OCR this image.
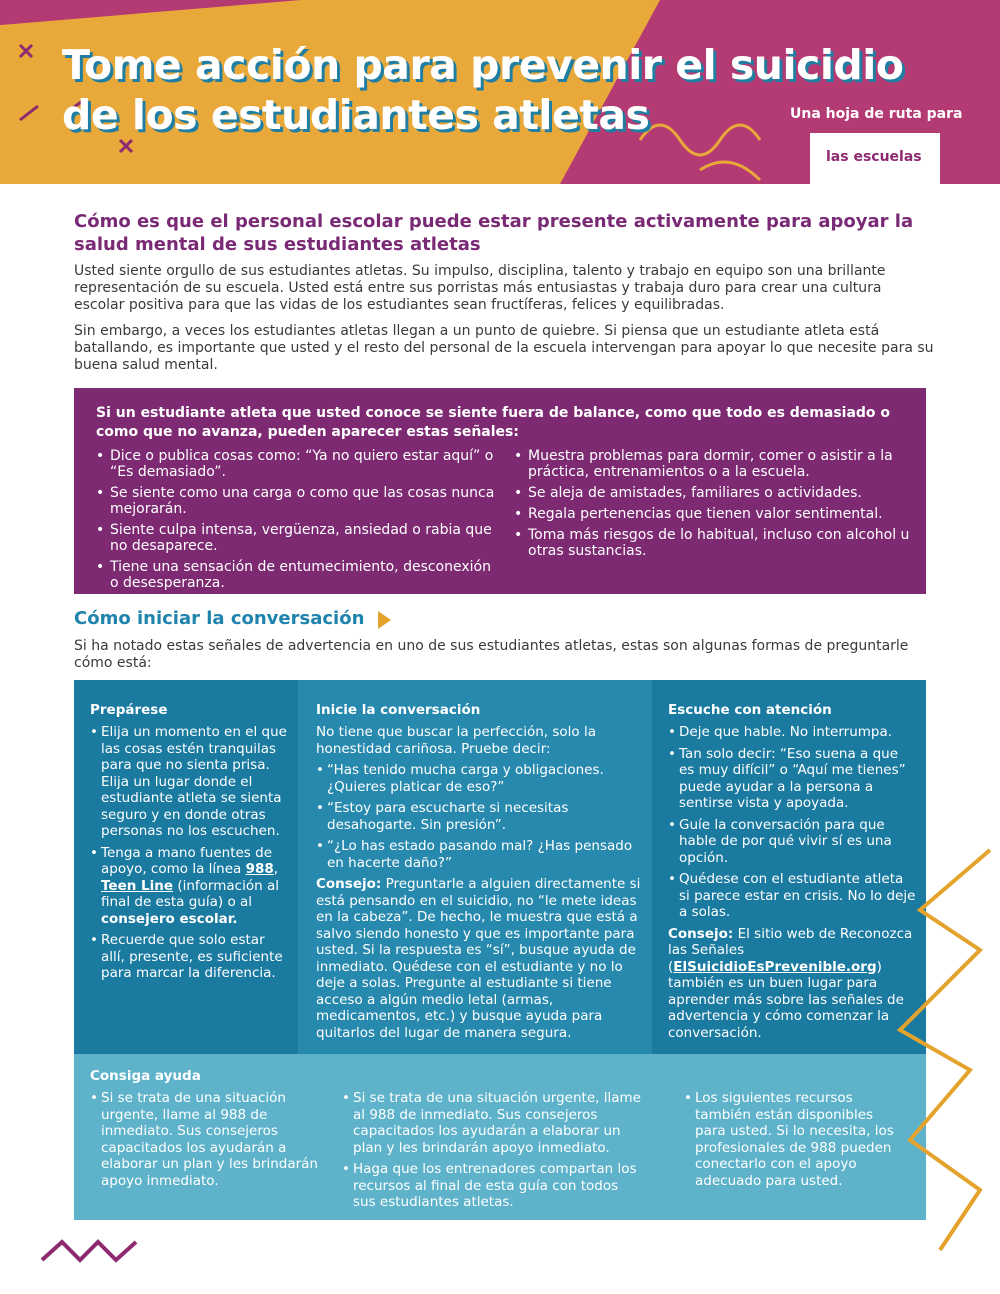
Tome acción para prevenir el suicidio de los estudiantes atletas	Una hoja de ruta para
las escuelas
Cómo es que el personal escolar puede estar presente activamente para apoyar la salud mental de sus estudiantes atletas
Usted siente orgullo de sus estudiantes atletas. Su impulso, disciplina, talento y trabajo en equipo son una brillante representación de su escuela. Usted está entre sus porristas más entusiastas y trabaja duro para crear una cultura escolar positiva para que las vidas de los estudiantes sean fructíferas, felices y equilibradas.
Sin embargo, a veces los estudiantes atletas llegan a un punto de quiebre. Si piensa que un estudiante atleta está batallando, es importante que usted y el resto del personal de la escuela intervengan para apoyar lo que necesite para su buena salud mental.
Si un estudiante atleta que usted conoce se siente fuera de balance, como que todo es demasiado o como que no avanza, pueden aparecer estas señales:
• Dice o publica cosas como: “Ya no quiero estar aquí” o “Es demasiado”.
• Se siente como una carga o como que las cosas nunca mejorarán.
• Siente culpa intensa, vergüenza, ansiedad o rabia que no desaparece.
• Tiene una sensación de entumecimiento, desconexión o desesperanza.
• Muestra problemas para dormir, comer o asistir a la práctica, entrenamientos o a la escuela.
• Se aleja de amistades, familiares o actividades.
• Regala pertenencias que tienen valor sentimental.
• Toma más riesgos de lo habitual, incluso con alcohol u otras sustancias.
Cómo iniciar la conversación
Si ha notado estas señales de advertencia en uno de sus estudiantes atletas, estas son algunas formas de preguntarle cómo está:
Prepárese
• Elija un momento en el que las cosas estén tranquilas para que no sienta prisa. Elija un lugar donde el estudiante atleta se sienta seguro y en donde otras personas no los escuchen.
• Tenga a mano fuentes de apoyo, como la línea 988, Teen Line (información al final de esta guía) o al consejero escolar.
• Recuerde que solo estar allí, presente, es suficiente para marcar la diferencia.
Inicie la conversación

No tiene que buscar la perfección, solo la honestidad cariñosa. Pruebe decir:

• “Has tenido mucha carga y obligaciones. ¿Quieres platicar de eso?”
• “Estoy para escucharte si necesitas desahogarte. Sin presión”.
• “¿Lo has estado pasando mal? ¿Has pensado en hacerte daño?”

Consejo: Preguntarle a alguien directamente si está pensando en el suicidio, no “le mete ideas en la cabeza”. De hecho, le muestra que está a salvo siendo honesto y que es importante para usted. Si la respuesta es “sí”, busque ayuda de inmediato. Quédese con el estudiante y no lo deje a solas. Pregunte al estudiante si tiene acceso a algún medio letal (armas, medicamentos, etc.) y busque ayuda para quitarlos del lugar de manera segura.

Escuche con atención
• Deje que hable. No interrumpa.
• Tan solo decir: “Eso suena a que es muy difícil” o “Aquí me tienes” puede ayudar a la persona a sentirse vista y apoyada.
• Guíe la conversación para que hable de por qué vivir sí es una opción.
• Quédese con el estudiante atleta si parece estar en crisis. No lo deje a solas.

Consejo: El sitio web de Reconozca las Señales (ElSuicidioEsPrevenible.org) también es un buen lugar para aprender más sobre las señales de advertencia y cómo comenzar la conversación.

Consiga ayuda
• Si se trata de una situación urgente, llame al 988 de inmediato. Sus consejeros capacitados los ayudarán a elaborar un plan y les brindarán apoyo inmediato.
• Si se trata de una situación urgente, llame al 988 de inmediato. Sus consejeros capacitados los ayudarán a elaborar un plan y les brindarán apoyo inmediato.
• Haga que los entrenadores compartan los recursos al final de esta guía con todos sus estudiantes atletas.
• Los siguientes recursos también están disponibles para usted. Si lo necesita, los profesionales de 988 pueden conectarlo con el apoyo adecuado para usted.
